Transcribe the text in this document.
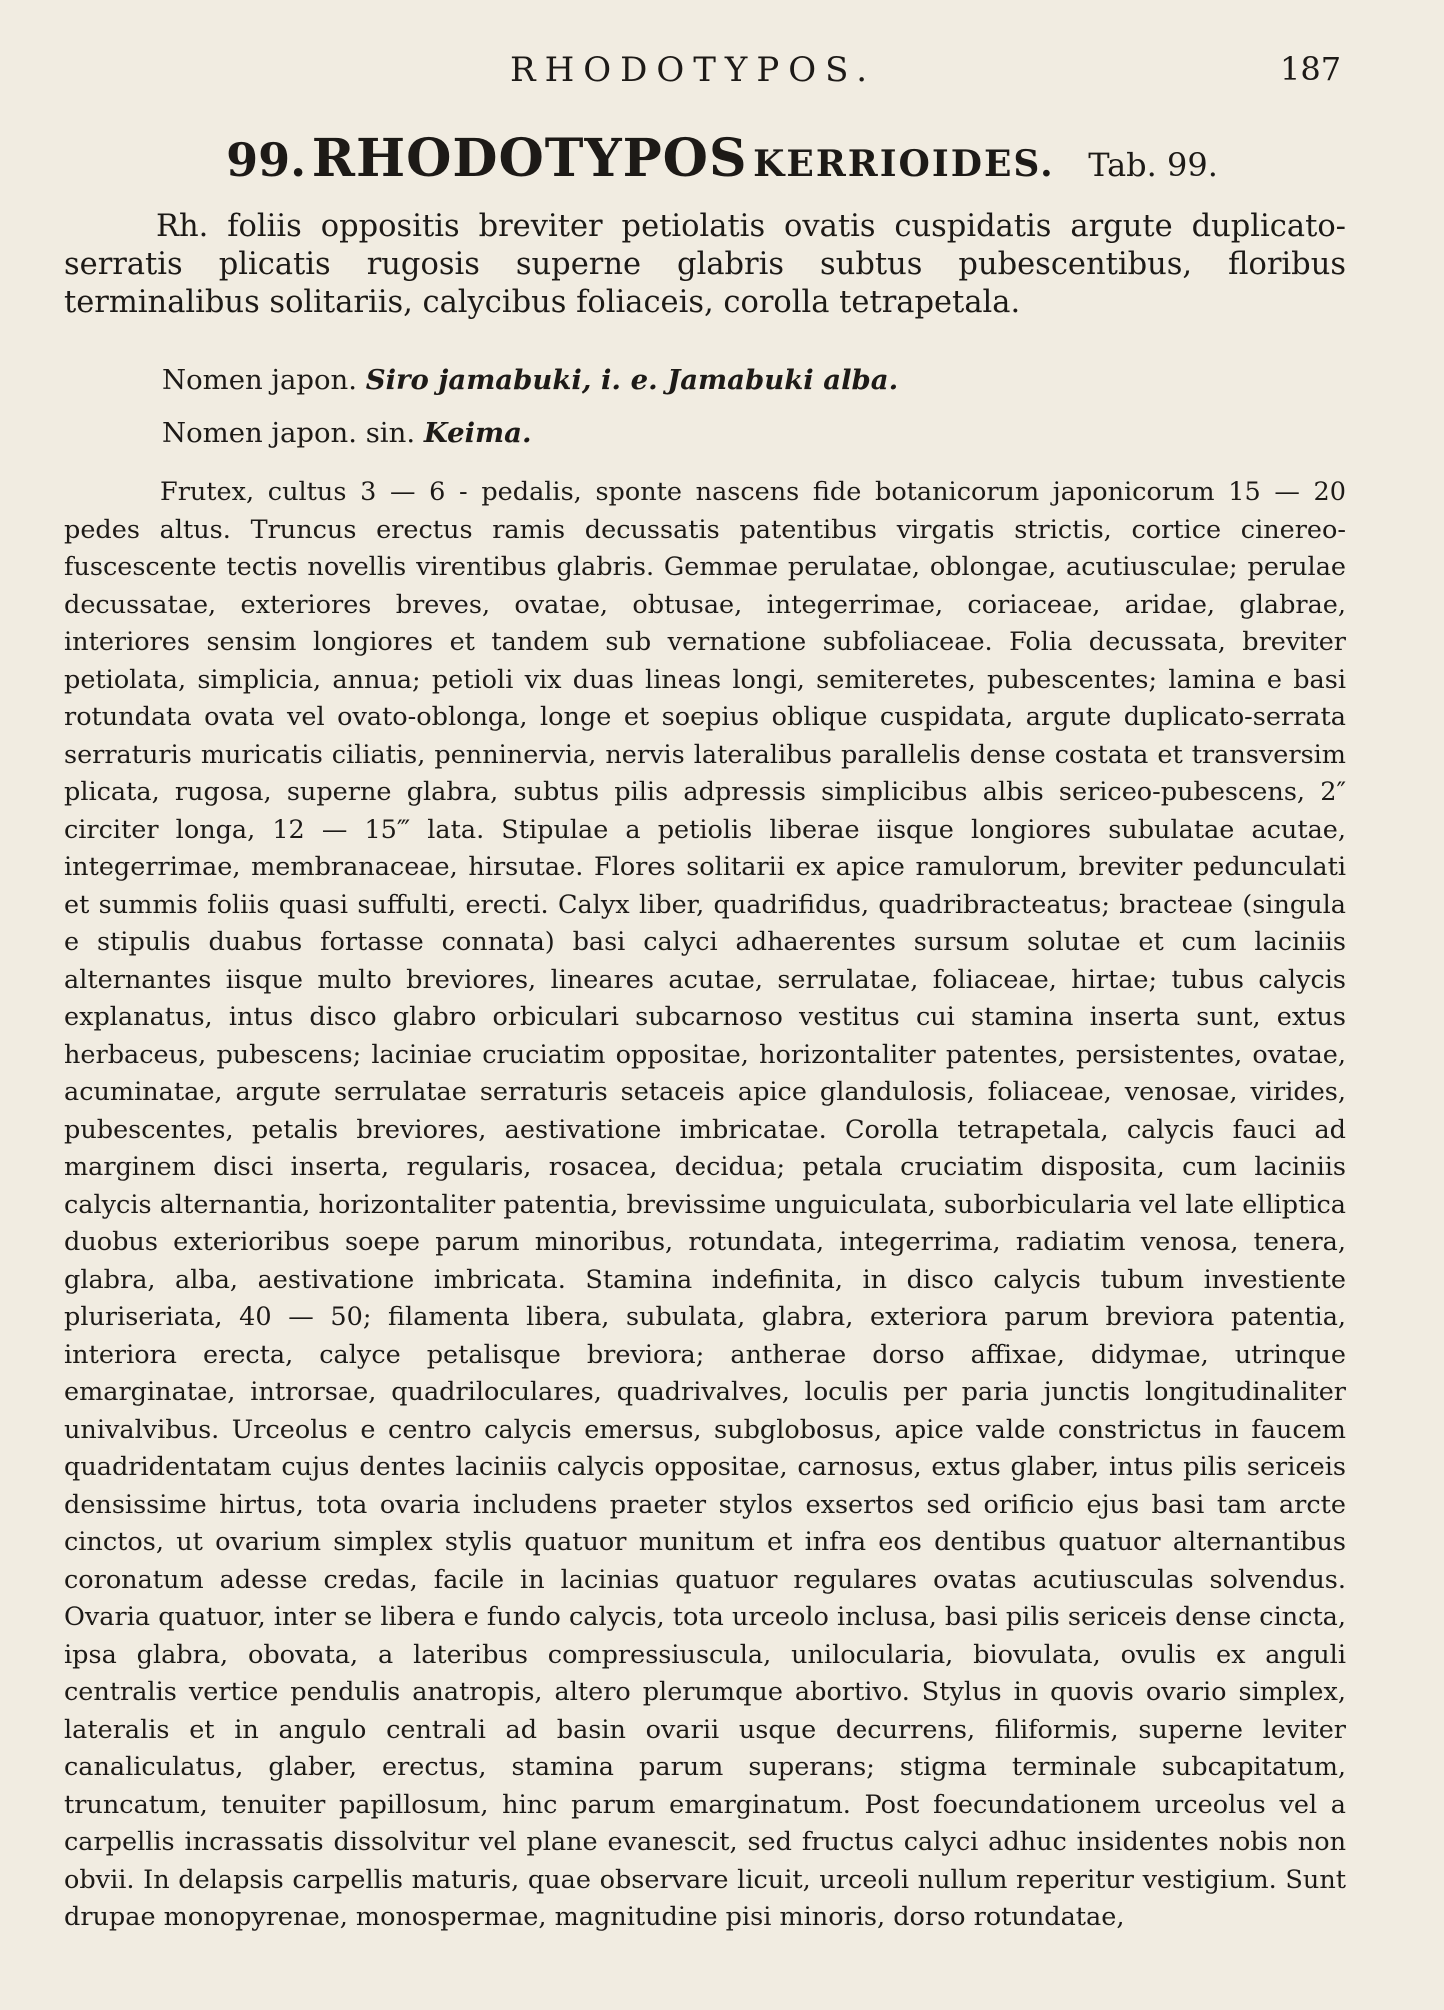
RHODOTYPOS.	187
99. RHODOTYPOS KERRIOIDES. Tab. 99.

Rh. foliis oppositis breviter petiolatis ovatis cuspidatis argute duplicato-serratis plicatis rugosis superne glabris subtus pubescentibus, floribus terminalibus solitariis, calycibus foliaceis, corolla tetrapetala.

Nomen japon. Siro jamabuki, i. e. Jamabuki alba.

Nomen japon. sin. Keima.

Frutex, cultus 3 — 6 - pedalis, sponte nascens fide botanicorum japonicorum 15 — 20 pedes altus. Truncus erectus ramis decussatis patentibus virgatis strictis, cortice cinereo-fuscescente tectis novellis virentibus glabris. Gemmae perulatae, oblongae, acutiusculae; perulae decussatae, exteriores breves, ovatae, obtusae, integerrimae, coriaceae, aridae, glabrae, interiores sensim longiores et tandem sub vernatione subfoliaceae. Folia decussata, breviter petiolata, simplicia, annua; petioli vix duas lineas longi, semiteretes, pubescentes; lamina e basi rotundata ovata vel ovato-oblonga, longe et soepius oblique cuspidata, argute duplicato-serrata serraturis muricatis ciliatis, penninervia, nervis lateralibus parallelis dense costata et transversim plicata, rugosa, superne glabra, subtus pilis adpressis simplicibus albis sericeo-pubescens, 2″ circiter longa, 12 — 15‴ lata. Stipulae a petiolis liberae iisque longiores subulatae acutae, integerrimae, membranaceae, hirsutae. Flores solitarii ex apice ramulorum, breviter pedunculati et summis foliis quasi suffulti, erecti. Calyx liber, quadrifidus, quadribracteatus; bracteae (singula e stipulis duabus fortasse connata) basi calyci adhaerentes sursum solutae et cum laciniis alternantes iisque multo breviores, lineares acutae, serrulatae, foliaceae, hirtae; tubus calycis explanatus, intus disco glabro orbiculari subcarnoso vestitus cui stamina inserta sunt, extus herbaceus, pubescens; laciniae cruciatim oppositae, horizontaliter patentes, persistentes, ovatae, acuminatae, argute serrulatae serraturis setaceis apice glandulosis, foliaceae, venosae, virides, pubescentes, petalis breviores, aestivatione imbricatae. Corolla tetrapetala, calycis fauci ad marginem disci inserta, regularis, rosacea, decidua; petala cruciatim disposita, cum laciniis calycis alternantia, horizontaliter patentia, brevissime unguiculata, suborbicularia vel late elliptica duobus exterioribus soepe parum minoribus, rotundata, integerrima, radiatim venosa, tenera, glabra, alba, aestivatione imbricata. Stamina indefinita, in disco calycis tubum investiente pluriseriata, 40 — 50; filamenta libera, subulata, glabra, exteriora parum breviora patentia, interiora erecta, calyce petalisque breviora; antherae dorso affixae, didymae, utrinque emarginatae, introrsae, quadriloculares, quadrivalves, loculis per paria junctis longitudinaliter univalvibus. Urceolus e centro calycis emersus, subglobosus, apice valde constrictus in faucem quadridentatam cujus dentes laciniis calycis oppositae, carnosus, extus glaber, intus pilis sericeis densissime hirtus, tota ovaria includens praeter stylos exsertos sed orificio ejus basi tam arcte cinctos, ut ovarium simplex stylis quatuor munitum et infra eos dentibus quatuor alternantibus coronatum adesse credas, facile in lacinias quatuor regulares ovatas acutiusculas solvendus. Ovaria quatuor, inter se libera e fundo calycis, tota urceolo inclusa, basi pilis sericeis dense cincta, ipsa glabra, obovata, a lateribus compressiuscula, unilocularia, biovulata, ovulis ex anguli centralis vertice pendulis anatropis, altero plerumque abortivo. Stylus in quovis ovario simplex, lateralis et in angulo centrali ad basin ovarii usque decurrens, filiformis, superne leviter canaliculatus, glaber, erectus, stamina parum superans; stigma terminale subcapitatum, truncatum, tenuiter papillosum, hinc parum emarginatum. Post foecundationem urceolus vel a carpellis incrassatis dissolvitur vel plane evanescit, sed fructus calyci adhuc insidentes nobis non obvii. In delapsis carpellis maturis, quae observare licuit, urceoli nullum reperitur vestigium. Sunt drupae monopyrenae, monospermae, magnitudine pisi minoris, dorso rotundatae,
